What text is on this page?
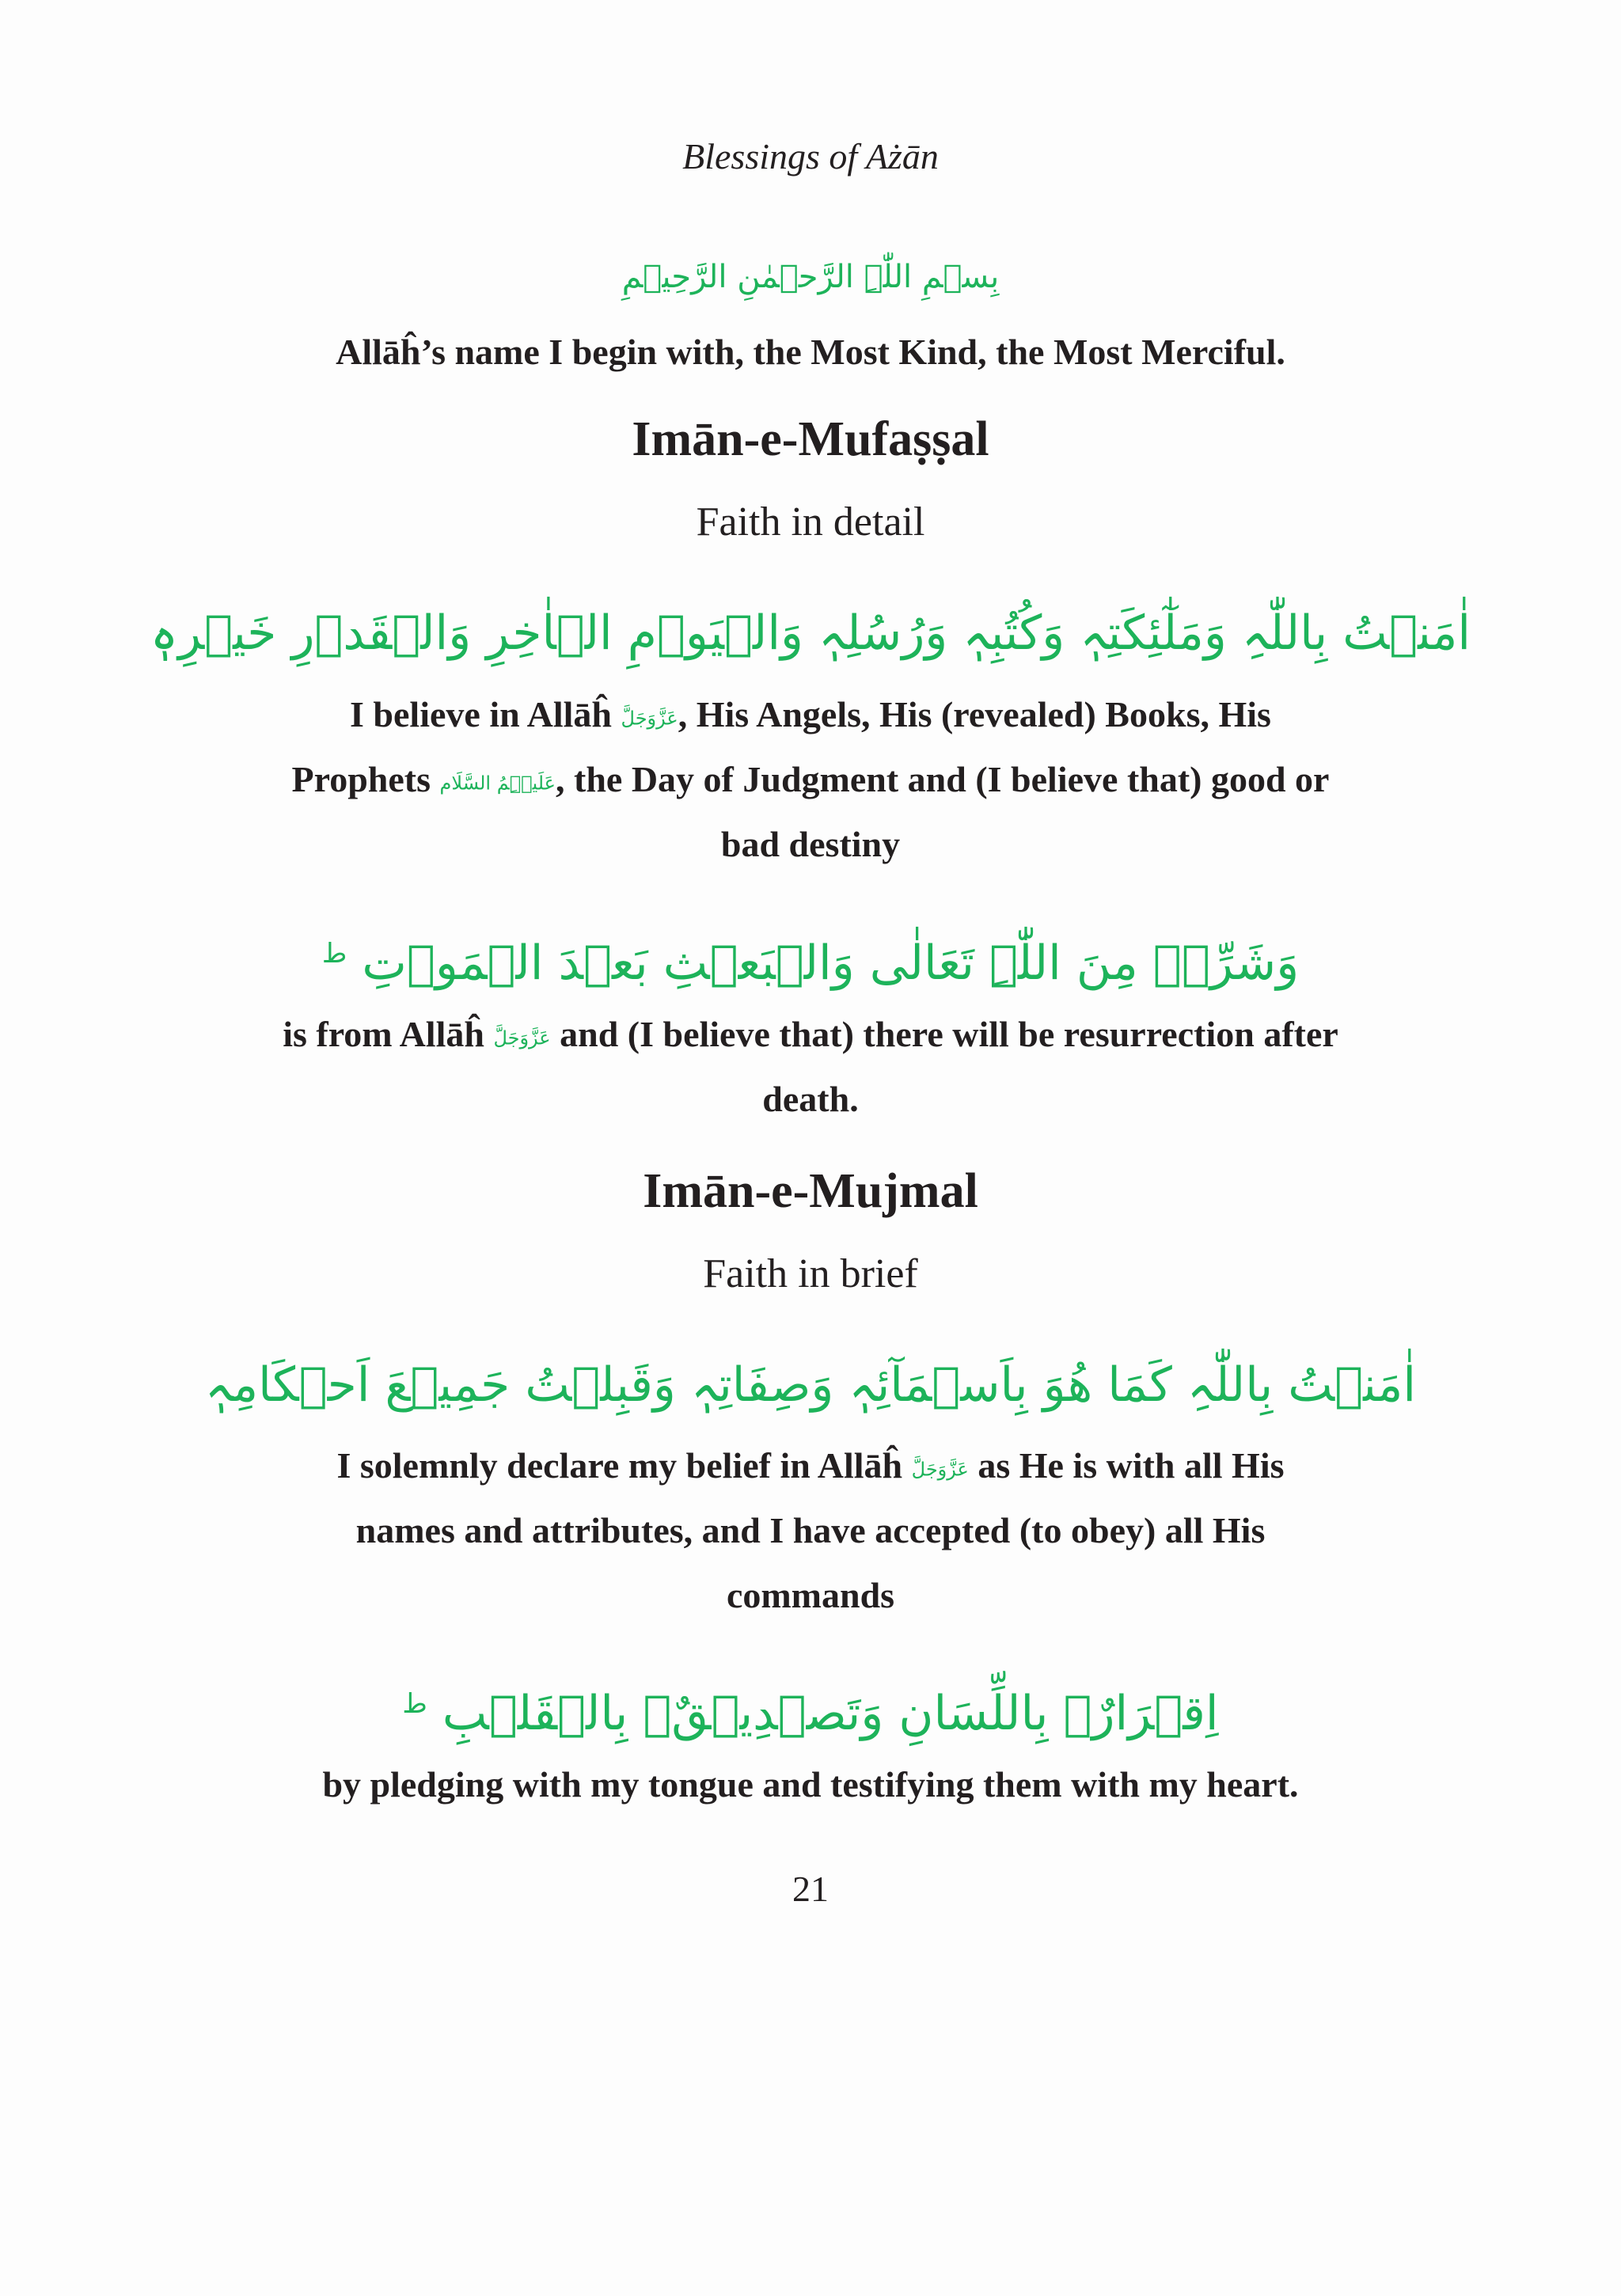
Blessings of Ażān
بِسۡمِ اللّٰہِ الرَّحۡمٰنِ الرَّحِیۡمِ
Allāĥ’s name I begin with, the Most Kind, the Most Merciful.
Imān-e-Mufaṣṣal
Faith in detail
اٰمَنۡتُ بِاللّٰہِ وَمَلٰٓئِکَتِہٖ وَکُتُبِہٖ وَرُسُلِہٖ وَالۡیَوۡمِ الۡاٰخِرِ وَالۡقَدۡرِ خَیۡرِہٖ
I believe in Allāĥ عَزَّوَجَلَّ, His Angels, His (revealed) Books, His
Prophets عَلَیۡہِمُ السَّلَام, the Day of Judgment and (I believe that) good or
bad destiny
وَشَرِّہٖ مِنَ اللّٰہِ تَعَالٰی وَالۡبَعۡثِ بَعۡدَ الۡمَوۡتِ $^ط$
is from Allāĥ عَزَّوَجَلَّ and (I believe that) there will be resurrection after
death.
Imān-e-Mujmal
Faith in brief
اٰمَنۡتُ بِاللّٰہِ کَمَا ھُوَ بِاَسۡمَآئِہٖ وَصِفَاتِہٖ وَقَبِلۡتُ جَمِیۡعَ اَحۡکَامِہٖ
I solemnly declare my belief in Allāĥ عَزَّوَجَلَّ as He is with all His
names and attributes, and I have accepted (to obey) all His
commands
اِقۡرَارٌۢ بِاللِّسَانِ وَتَصۡدِیۡقٌۢ بِالۡقَلۡبِ $^ط$
by pledging with my tongue and testifying them with my heart.
21
